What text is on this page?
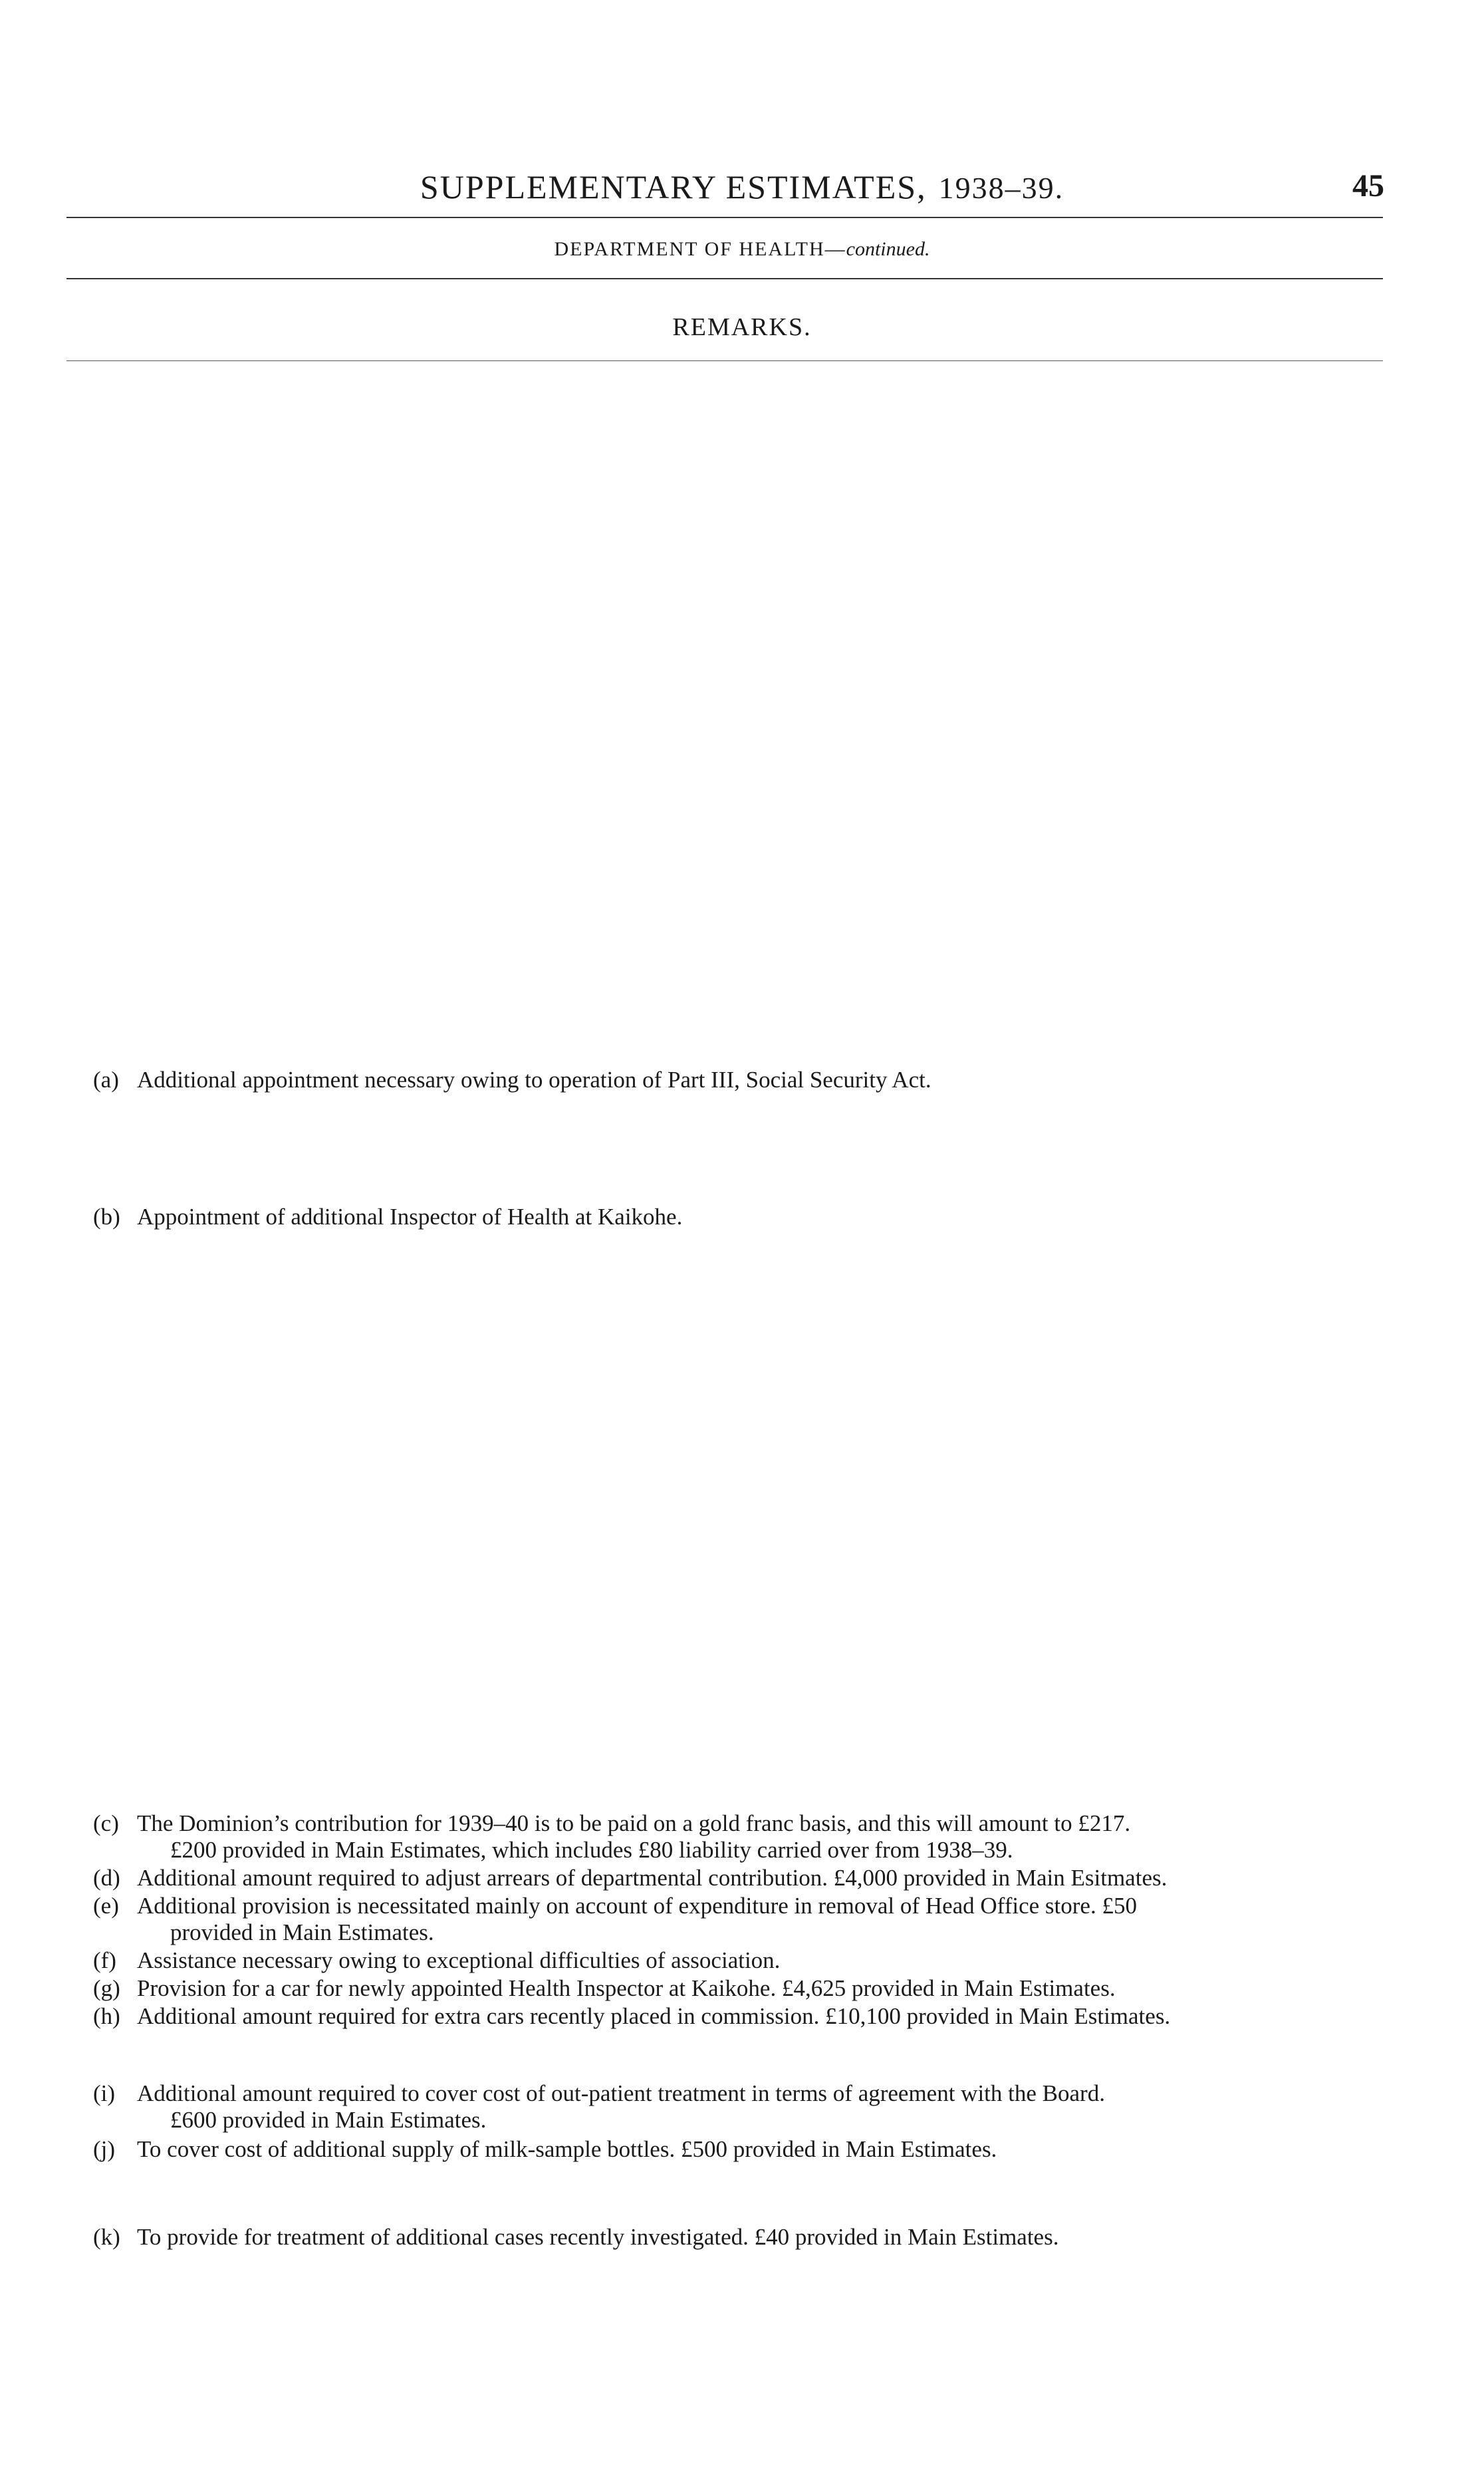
SUPPLEMENTARY ESTIMATES, 1938–39.	45
DEPARTMENT OF HEALTH—continued.
REMARKS.
(a) Additional appointment necessary owing to operation of Part III, Social Security Act.
(b) Appointment of additional Inspector of Health at Kaikohe.
(c) The Dominion’s contribution for 1939–40 is to be paid on a gold franc basis, and this will amount to £217.
£200 provided in Main Estimates, which includes £80 liability carried over from 1938–39.
(d) Additional amount required to adjust arrears of departmental contribution. £4,000 provided in Main Esitmates.
(e) Additional provision is necessitated mainly on account of expenditure in removal of Head Office store. £50
provided in Main Estimates.
(f) Assistance necessary owing to exceptional difficulties of association.
(g) Provision for a car for newly appointed Health Inspector at Kaikohe. £4,625 provided in Main Estimates.
(h) Additional amount required for extra cars recently placed in commission. £10,100 provided in Main Estimates.
(i) Additional amount required to cover cost of out-patient treatment in terms of agreement with the Board.
£600 provided in Main Estimates.
(j) To cover cost of additional supply of milk-sample bottles. £500 provided in Main Estimates.
(k) To provide for treatment of additional cases recently investigated. £40 provided in Main Estimates.
